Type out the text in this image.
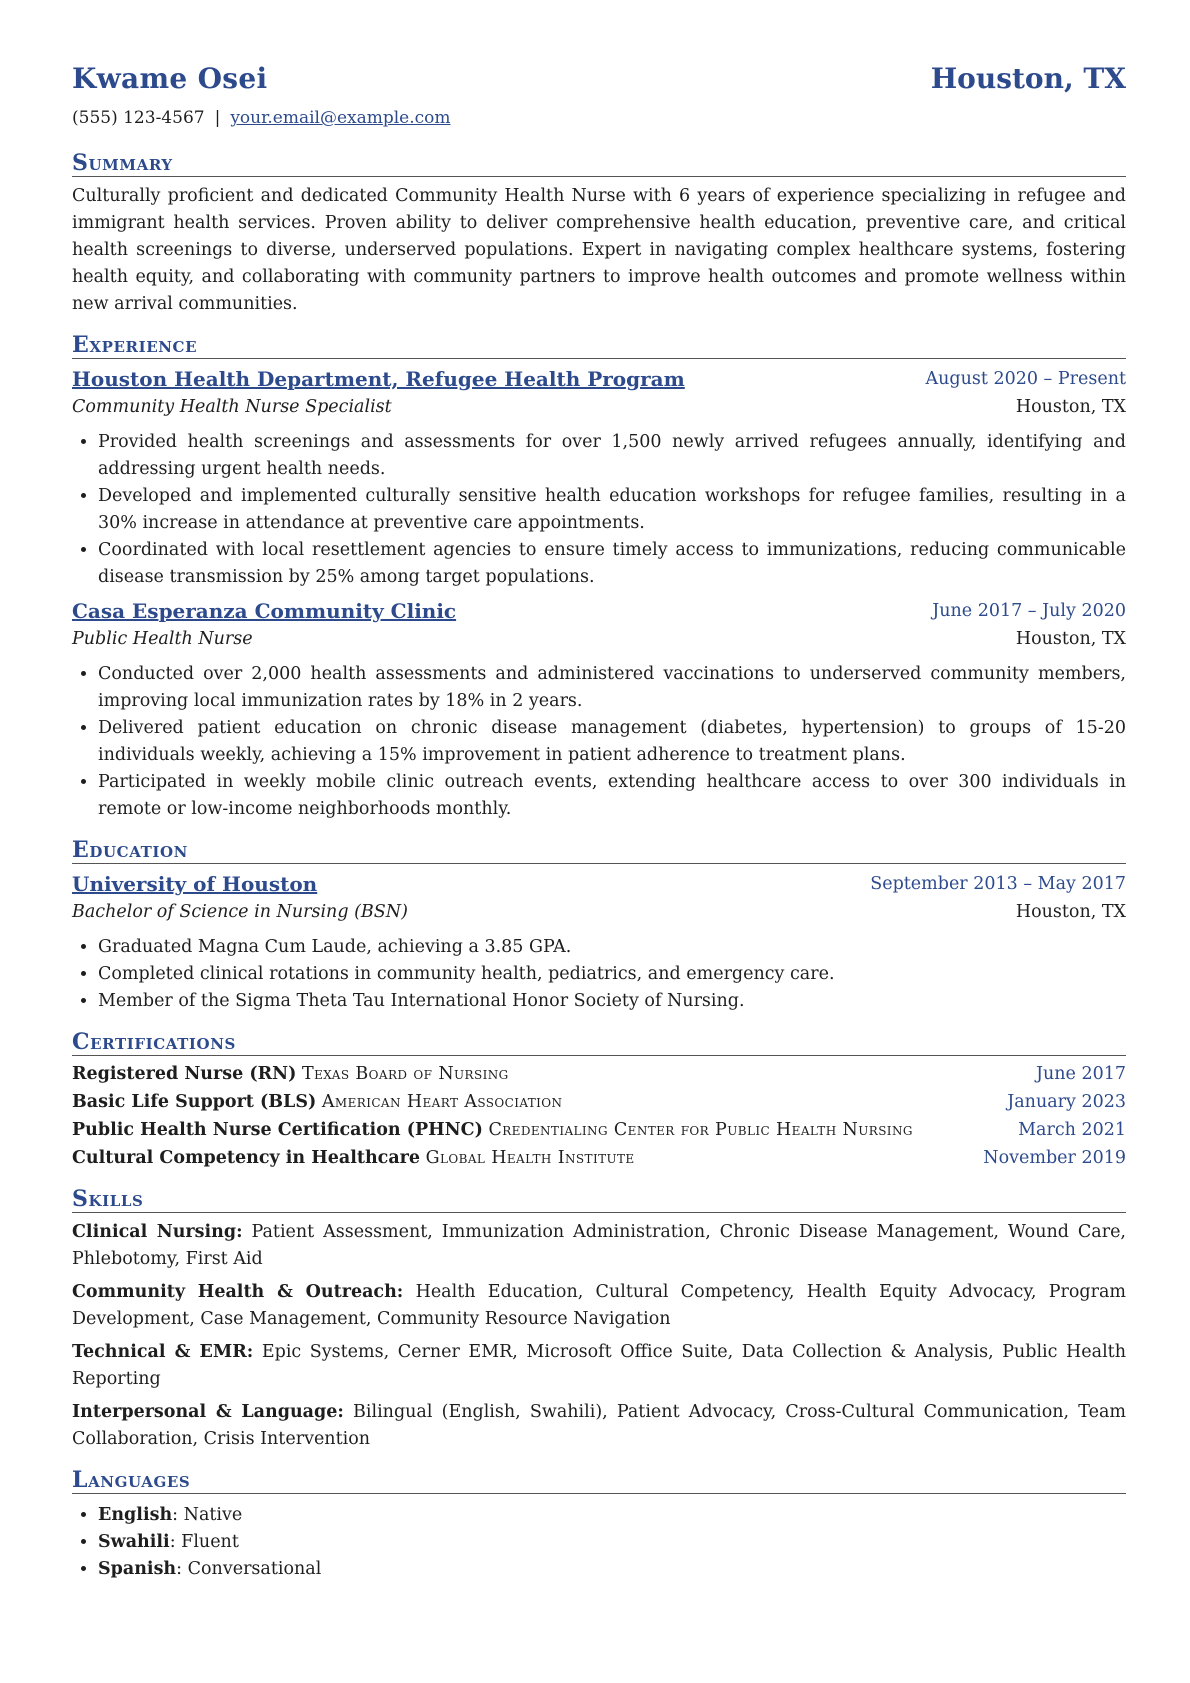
Kwame Osei	Houston, TX
(555) 123-4567 | your.email@example.com
Summary
Culturally proficient and dedicated Community Health Nurse with 6 years of experience specializing in refugee and immigrant health services. Proven ability to deliver comprehensive health education, preventive care, and critical health screenings to diverse, underserved populations. Expert in navigating complex healthcare systems, fostering health equity, and collaborating with community partners to improve health outcomes and promote wellness within new arrival communities.
Experience
Houston Health Department, Refugee Health Program	August 2020 – Present
Community Health Nurse Specialist	Houston, TX
• Provided health screenings and assessments for over 1,500 newly arrived refugees annually, identifying and addressing urgent health needs.
• Developed and implemented culturally sensitive health education workshops for refugee families, resulting in a 30% increase in attendance at preventive care appointments.
• Coordinated with local resettlement agencies to ensure timely access to immunizations, reducing communicable disease transmission by 25% among target populations.
Casa Esperanza Community Clinic	June 2017 – July 2020
Public Health Nurse	Houston, TX
• Conducted over 2,000 health assessments and administered vaccinations to underserved community members, improving local immunization rates by 18% in 2 years.
• Delivered patient education on chronic disease management (diabetes, hypertension) to groups of 15-20 individuals weekly, achieving a 15% improvement in patient adherence to treatment plans.
• Participated in weekly mobile clinic outreach events, extending healthcare access to over 300 individuals in remote or low-income neighborhoods monthly.
Education
University of Houston	September 2013 – May 2017
Bachelor of Science in Nursing (BSN)	Houston, TX
• Graduated Magna Cum Laude, achieving a 3.85 GPA.
• Completed clinical rotations in community health, pediatrics, and emergency care.
• Member of the Sigma Theta Tau International Honor Society of Nursing.
Certifications
Registered Nurse (RN) Texas Board of Nursing	June 2017
Basic Life Support (BLS) American Heart Association	January 2023
Public Health Nurse Certification (PHNC) Credentialing Center for Public Health Nursing	March 2021
Cultural Competency in Healthcare Global Health Institute	November 2019
Skills
Clinical Nursing: Patient Assessment, Immunization Administration, Chronic Disease Management, Wound Care, Phlebotomy, First Aid
Community Health & Outreach: Health Education, Cultural Competency, Health Equity Advocacy, Program Development, Case Management, Community Resource Navigation
Technical & EMR: Epic Systems, Cerner EMR, Microsoft Office Suite, Data Collection & Analysis, Public Health Reporting
Interpersonal & Language: Bilingual (English, Swahili), Patient Advocacy, Cross-Cultural Communication, Team Collaboration, Crisis Intervention
Languages
• English: Native
• Swahili: Fluent
• Spanish: Conversational
